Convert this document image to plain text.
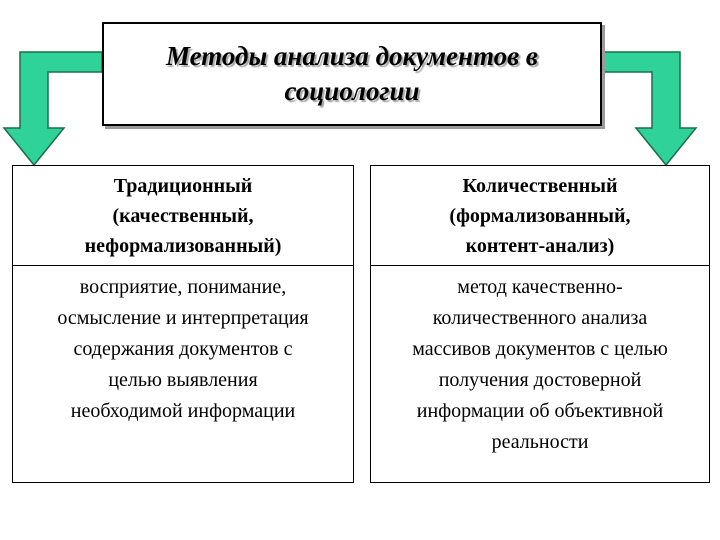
Методы анализа документов в
социологии
Традиционный
(качественный,
неформализованный)
восприятие, понимание,
осмысление и интерпретация
содержания документов с
целью выявления
необходимой информации
Количественный
(формализованный,
контент-анализ)
метод качественно-
количественного анализа
массивов документов с целью
получения достоверной
информации об объективной
реальности
